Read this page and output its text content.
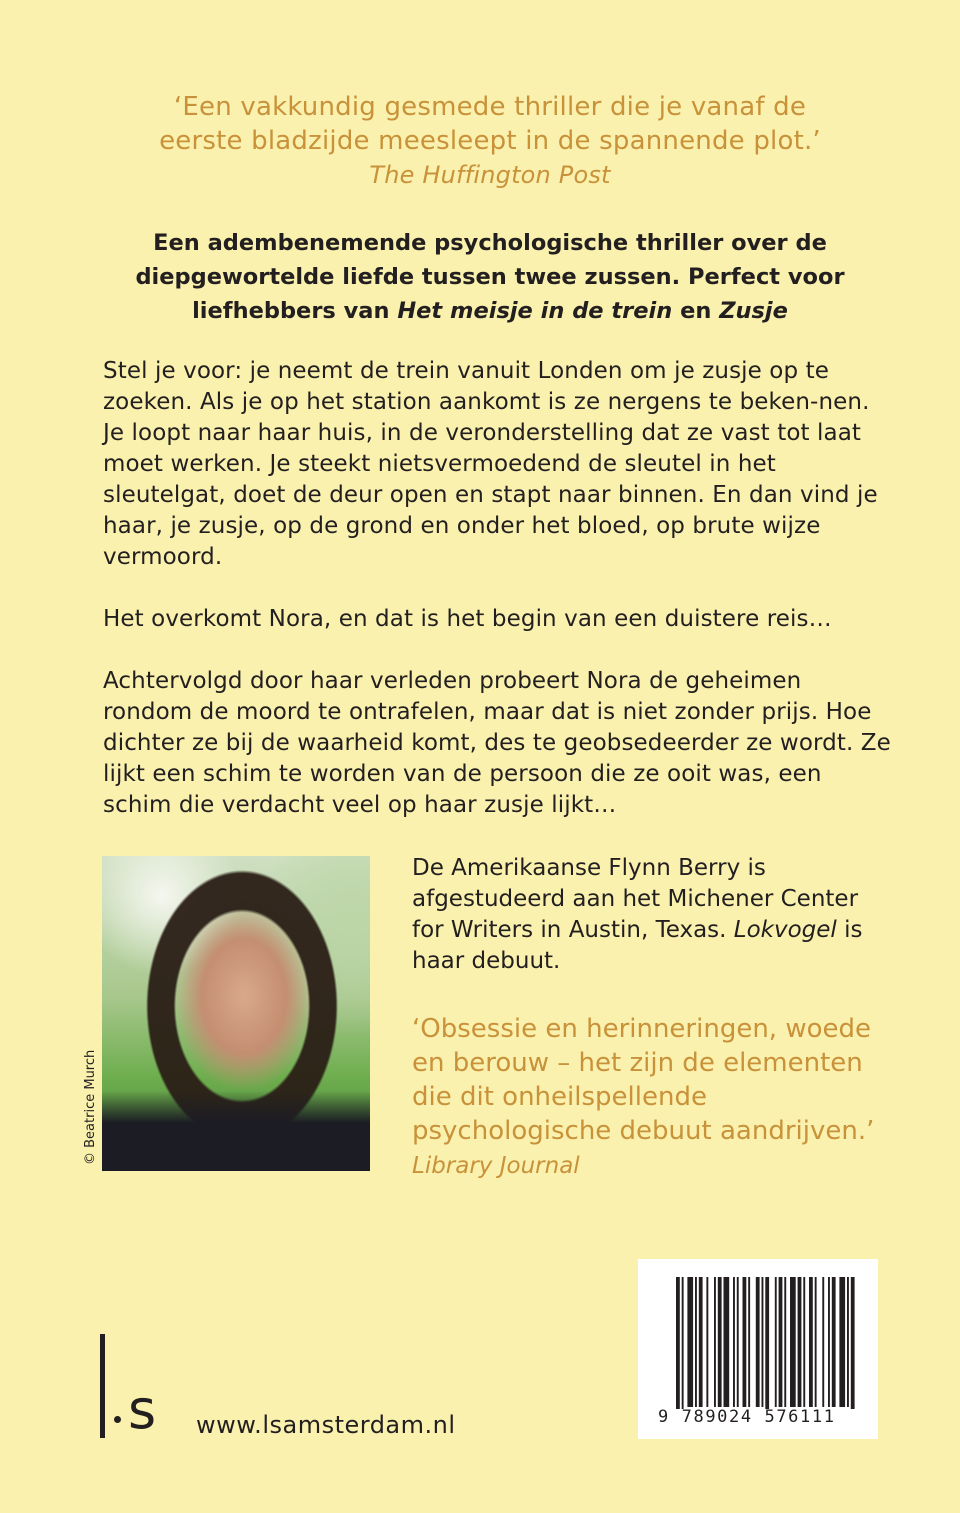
‘Een vakkundig gesmede thriller die je vanaf de
eerste bladzijde meesleept in de spannende plot.’
The Huffington Post
Een adembenemende psychologische thriller over de
diepgewortelde liefde tussen twee zussen. Perfect voor
liefhebbers van Het meisje in de trein en Zusje

Stel je voor: je neemt de trein vanuit Londen om je zusje op te zoeken. Als je op het station aankomt is ze nergens te beken-nen. Je loopt naar haar huis, in de veronderstelling dat ze vast tot laat moet werken. Je steekt nietsvermoedend de sleutel in het sleutelgat, doet de deur open en stapt naar binnen. En dan vind je haar, je zusje, op de grond en onder het bloed, op brute wijze vermoord.

Het overkomt Nora, en dat is het begin van een duistere reis…

Achtervolgd door haar verleden probeert Nora de geheimen rondom de moord te ontrafelen, maar dat is niet zonder prijs. Hoe dichter ze bij de waarheid komt, des te geobsedeerder ze wordt. Ze lijkt een schim te worden van de persoon die ze ooit was, een schim die verdacht veel op haar zusje lijkt…

© Beatrice Murch
De Amerikaanse Flynn Berry is afgestudeerd aan het Michener Center for Writers in Austin, Texas. Lokvogel is haar debuut.
‘Obsessie en herinneringen, woede en berouw – het zijn de elementen die dit onheilspellende psychologische debuut aandrijven.’ Library Journal
s www.lsamsterdam.nl	9 789024 576111
